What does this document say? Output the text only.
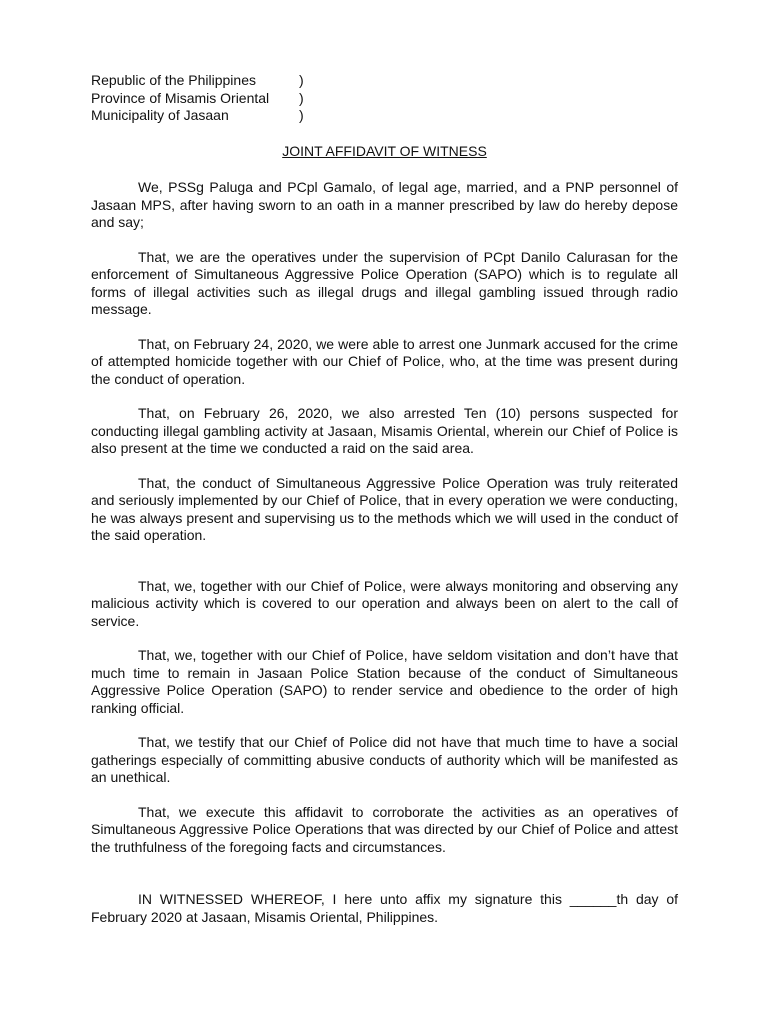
Republic of the Philippines	)
Province of Misamis Oriental	)
Municipality of Jasaan	)
JOINT AFFIDAVIT OF WITNESS

We, PSSg Paluga and PCpl Gamalo, of legal age, married, and a PNP personnel of Jasaan MPS, after having sworn to an oath in a manner prescribed by law do hereby depose and say;

That, we are the operatives under the supervision of PCpt Danilo Calurasan for the enforcement of Simultaneous Aggressive Police Operation (SAPO) which is to regulate all forms of illegal activities such as illegal drugs and illegal gambling issued through radio message.

That, on February 24, 2020, we were able to arrest one Junmark accused for the crime of attempted homicide together with our Chief of Police, who, at the time was present during the conduct of operation.

That, on February 26, 2020, we also arrested Ten (10) persons suspected for conducting illegal gambling activity at Jasaan, Misamis Oriental, wherein our Chief of Police is also present at the time we conducted a raid on the said area.

That, the conduct of Simultaneous Aggressive Police Operation was truly reiterated and seriously implemented by our Chief of Police, that in every operation we were conducting, he was always present and supervising us to the methods which we will used in the conduct of the said operation.

That, we, together with our Chief of Police, were always monitoring and observing any malicious activity which is covered to our operation and always been on alert to the call of service.

That, we, together with our Chief of Police, have seldom visitation and don’t have that much time to remain in Jasaan Police Station because of the conduct of Simultaneous Aggressive Police Operation (SAPO) to render service and obedience to the order of high ranking official.

That, we testify that our Chief of Police did not have that much time to have a social gatherings especially of committing abusive conducts of authority which will be manifested as an unethical.

That, we execute this affidavit to corroborate the activities as an operatives of Simultaneous Aggressive Police Operations that was directed by our Chief of Police and attest the truthfulness of the foregoing facts and circumstances.

IN WITNESSED WHEREOF, I here unto affix my signature this ______th day of February 2020 at Jasaan, Misamis Oriental, Philippines.
